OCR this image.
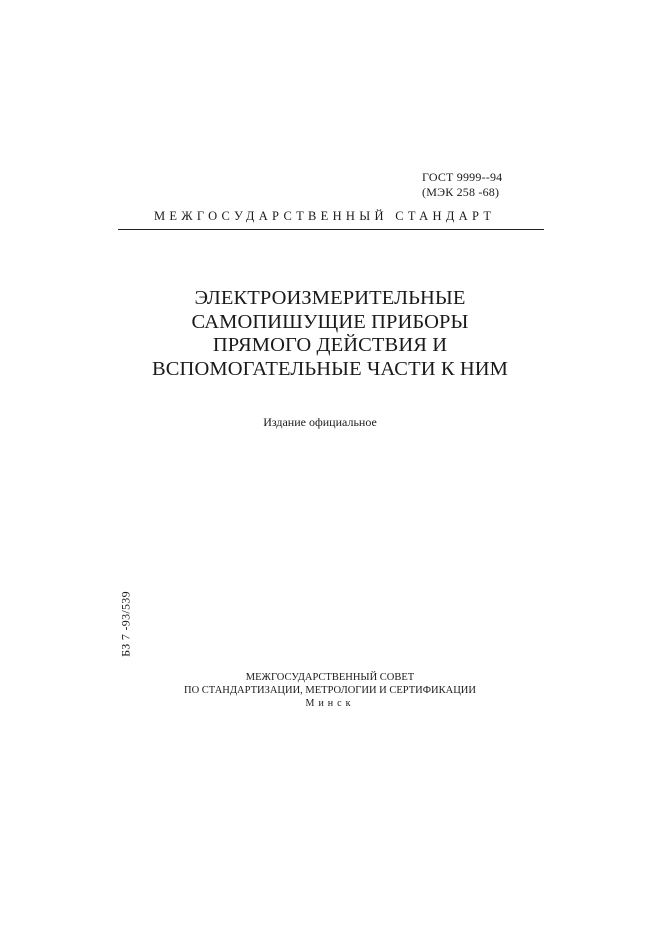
ГОСТ 9999--94
(МЭК 258 -68)
МЕЖГОСУДАРСТВЕННЫЙ СТАНДАРТ
ЭЛЕКТРОИЗМЕРИТЕЛЬНЫЕ
САМОПИШУЩИЕ ПРИБОРЫ
ПРЯМОГО ДЕЙСТВИЯ И
ВСПОМОГАТЕЛЬНЫЕ ЧАСТИ К НИМ
Издание официальное
БЗ 7 -93/539
МЕЖГОСУДАРСТВЕННЫЙ СОВЕТ
ПО СТАНДАРТИЗАЦИИ, МЕТРОЛОГИИ И СЕРТИФИКАЦИИ
Минск
